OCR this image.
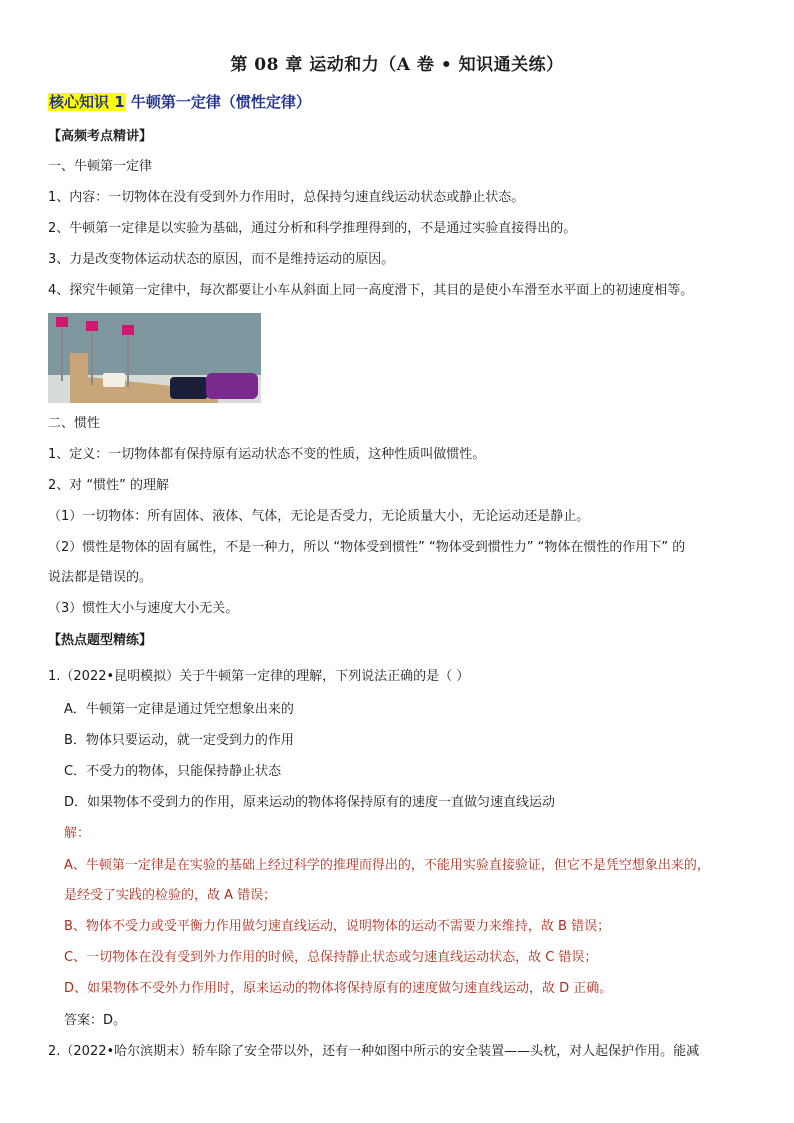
第 08 章 运动和力（A 卷 • 知识通关练）
核心知识 1 牛顿第一定律（惯性定律）
【高频考点精讲】
一、牛顿第一定律
1、内容：一切物体在没有受到外力作用时，总保持匀速直线运动状态或静止状态。
2、牛顿第一定律是以实验为基础，通过分析和科学推理得到的，不是通过实验直接得出的。
3、力是改变物体运动状态的原因，而不是维持运动的原因。
4、探究牛顿第一定律中，每次都要让小车从斜面上同一高度滑下，其目的是使小车滑至水平面上的初速度相等。
二、惯性
1、定义：一切物体都有保持原有运动状态不变的性质，这种性质叫做惯性。
2、对 “惯性” 的理解
（1）一切物体：所有固体、液体、气体，无论是否受力，无论质量大小，无论运动还是静止。
（2）惯性是物体的固有属性，不是一种力，所以 “物体受到惯性” “物体受到惯性力” “物体在惯性的作用下” 的
说法都是错误的。
（3）惯性大小与速度大小无关。
【热点题型精练】
1.（2022•昆明模拟）关于牛顿第一定律的理解，下列说法正确的是（ ）
A．牛顿第一定律是通过凭空想象出来的
B．物体只要运动，就一定受到力的作用
C．不受力的物体，只能保持静止状态
D．如果物体不受到力的作用，原来运动的物体将保持原有的速度一直做匀速直线运动
解：
A、牛顿第一定律是在实验的基础上经过科学的推理而得出的，不能用实验直接验证，但它不是凭空想象出来的，
是经受了实践的检验的，故 A 错误；
B、物体不受力或受平衡力作用做匀速直线运动，说明物体的运动不需要力来维持，故 B 错误；
C、一切物体在没有受到外力作用的时候，总保持静止状态或匀速直线运动状态，故 C 错误；
D、如果物体不受外力作用时，原来运动的物体将保持原有的速度做匀速直线运动，故 D 正确。
答案：D。
2.（2022•哈尔滨期末）轿车除了安全带以外，还有一种如图中所示的安全装置——头枕，对人起保护作用。能减
